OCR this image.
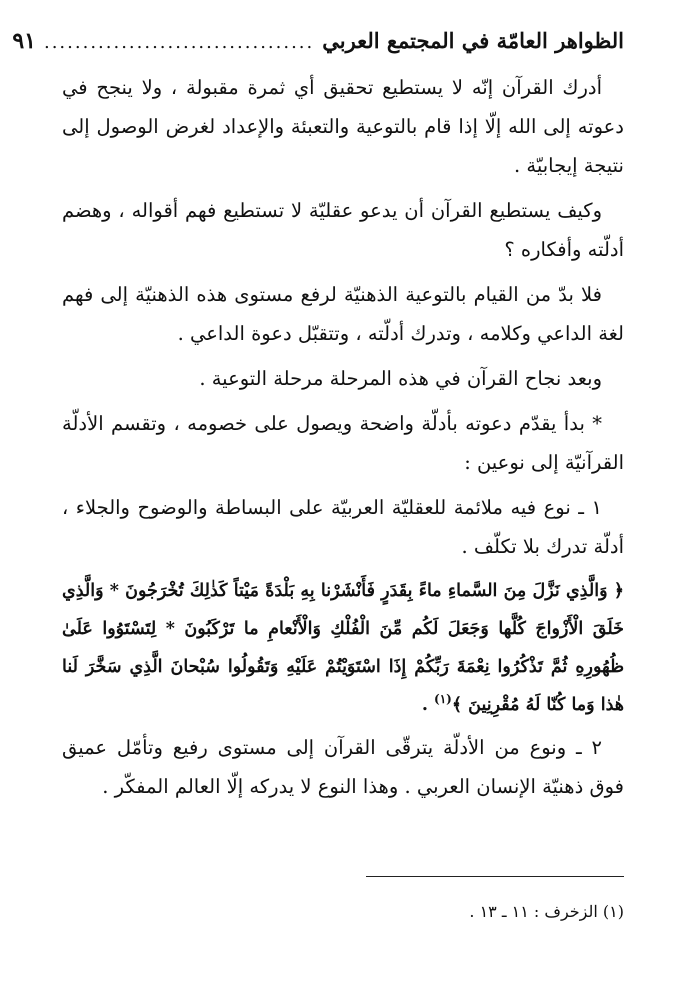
الظواهر العامّة في المجتمع العربي
...................................
٩١

أدرك القرآن إنّه لا يستطيع تحقيق أي ثمرة مقبولة ، ولا ينجح في دعوته إلى الله إلّا إذا قام بالتوعية والتعبئة والإعداد لغرض الوصول إلى نتيجة إيجابيّة .

وكيف يستطيع القرآن أن يدعو عقليّة لا تستطيع فهم أقواله ، وهضم أدلّته وأفكاره ؟

فلا بدّ من القيام بالتوعية الذهنيّة لرفع مستوى هذه الذهنيّة إلى فهم لغة الداعي وكلامه ، وتدرك أدلّته ، وتتقبّل دعوة الداعي .

وبعد نجاح القرآن في هذه المرحلة مرحلة التوعية .

* بدأ يقدّم دعوته بأدلّة واضحة ويصول على خصومه ، وتقسم الأدلّة القرآنيّة إلى نوعين :

١ ـ نوع فيه ملائمة للعقليّة العربيّة على البساطة والوضوح والجلاء ، أدلّة تدرك بلا تكلّف .

﴿ وَالَّذِي نَزَّلَ مِنَ السَّماءِ ماءً بِقَدَرٍ فَأَنْشَرْنا بِهِ بَلْدَةً مَيْتاً كَذٰلِكَ تُخْرَجُونَ * وَالَّذِي خَلَقَ الْأَزْواجَ كُلَّها وَجَعَلَ لَكُم مِّنَ الْفُلْكِ وَالْأَنْعامِ ما تَرْكَبُونَ * لِتَسْتَوُوا عَلَىٰ ظُهُورِهِ ثُمَّ تَذْكُرُوا نِعْمَةَ رَبِّكُمْ إِذَا اسْتَوَيْتُمْ عَلَيْهِ وَتَقُولُوا سُبْحانَ الَّذِي سَخَّرَ لَنا هٰذا وَما كُنّا لَهُ مُقْرِنِينَ ﴾$^{(١)}$ .

٢ ـ ونوع من الأدلّة يترقّى القرآن إلى مستوى رفيع وتأمّل عميق فوق ذهنيّة الإنسان العربي . وهذا النوع لا يدركه إلّا العالم المفكّر .

(١) الزخرف : ١١ ـ ١٣ .
